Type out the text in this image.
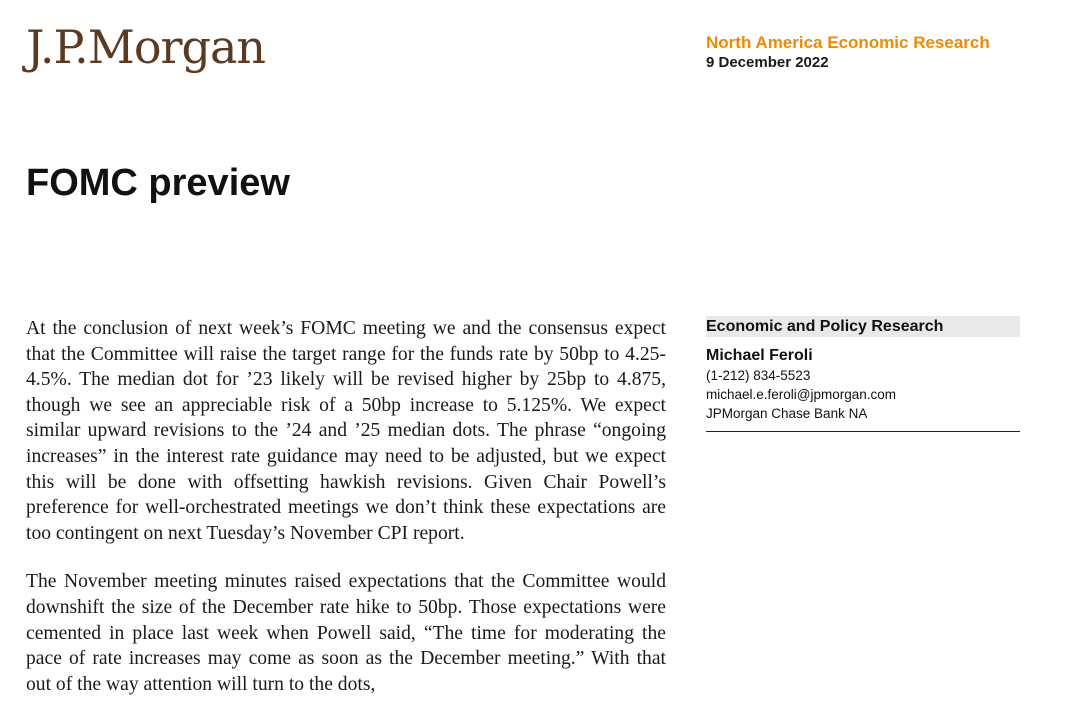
J.P.Morgan	North America Economic Research
9 December 2022
FOMC preview

At the conclusion of next week’s FOMC meeting we and the consensus expect that the Committee will raise the target range for the funds rate by 50bp to 4.25-4.5%. The median dot for ’23 likely will be revised higher by 25bp to 4.875, though we see an appreciable risk of a 50bp increase to 5.125%. We expect similar upward revisions to the ’24 and ’25 median dots. The phrase “ongoing increases” in the interest rate guidance may need to be adjusted, but we expect this will be done with offsetting hawkish revisions. Given Chair Powell’s preference for well-orchestrated meetings we don’t think these expectations are too contingent on next Tuesday’s November CPI report.

The November meeting minutes raised expectations that the Committee would downshift the size of the December rate hike to 50bp. Those expectations were cemented in place last week when Powell said, “The time for moderating the pace of rate increases may come as soon as the December meeting.” With that out of the way attention will turn to the dots,

Economic and Policy Research
Michael Feroli
(1-212) 834-5523
michael.e.feroli@jpmorgan.com
JPMorgan Chase Bank NA
